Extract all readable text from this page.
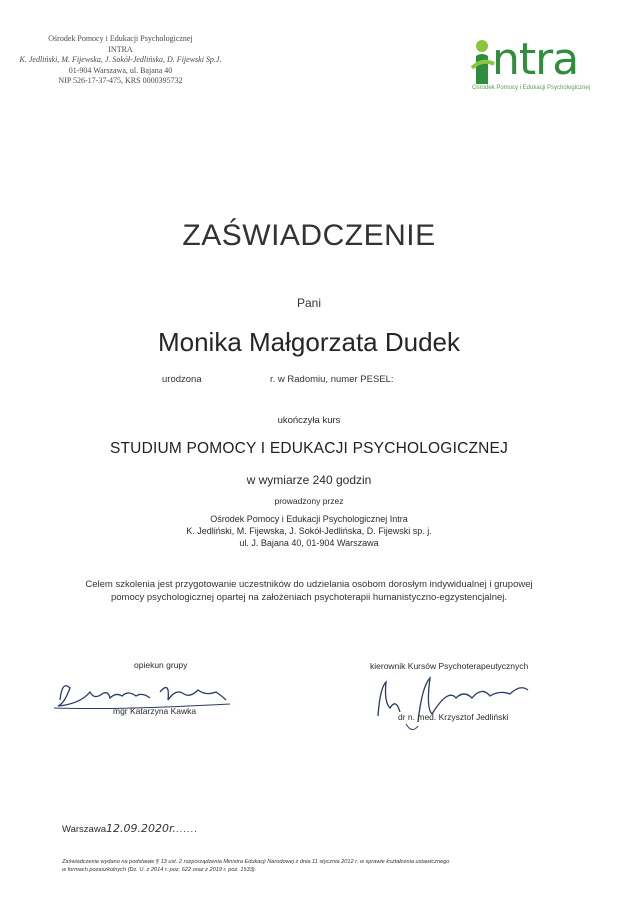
Ośrodek Pomocy i Edukacji Psychologicznej
INTRA
K. Jedliński, M. Fijewska, J. Sokół-Jedlińska, D. Fijewski Sp.J.
01-904 Warszawa, ul. Bajana 40
NIP 526-17-37-475, KRS 0000395732	ntra
Ośrodek Pomocy i Edukacji Psychologicznej
ZAŚWIADCZENIE
Pani
Monika Małgorzata Dudek
urodzona	r. w Radomiu, numer PESEL:
ukończyła kurs
STUDIUM POMOCY I EDUKACJI PSYCHOLOGICZNEJ
w wymiarze 240 godzin
prowadzony przez
Ośrodek Pomocy i Edukacji Psychologicznej Intra
K. Jedliński, M. Fijewska, J. Sokół-Jedlińska, D. Fijewski sp. j.
ul. J. Bajana 40, 01-904 Warszawa
Celem szkolenia jest przygotowanie uczestników do udzielania osobom dorosłym indywidualnej i grupowej
pomocy psychologicznej opartej na założeniach psychoterapii humanistyczno-egzystencjalnej.
opiekun grupy
mgr Katarzyna Kawka
kierownik Kursów Psychoterapeutycznych
dr n. med. Krzysztof Jedliński
Warszawa12.09.2020r.......
Zaświadczenie wydano na podstawie § 13 ust. 2 rozporządzenia Ministra Edukacji Narodowej z dnia 11 stycznia 2012 r. w sprawie kształcenia ustawicznego
w formach pozaszkolnych (Dz. U. z 2014 r. poz. 622 oraz z 2019 r. poz. 1533).
